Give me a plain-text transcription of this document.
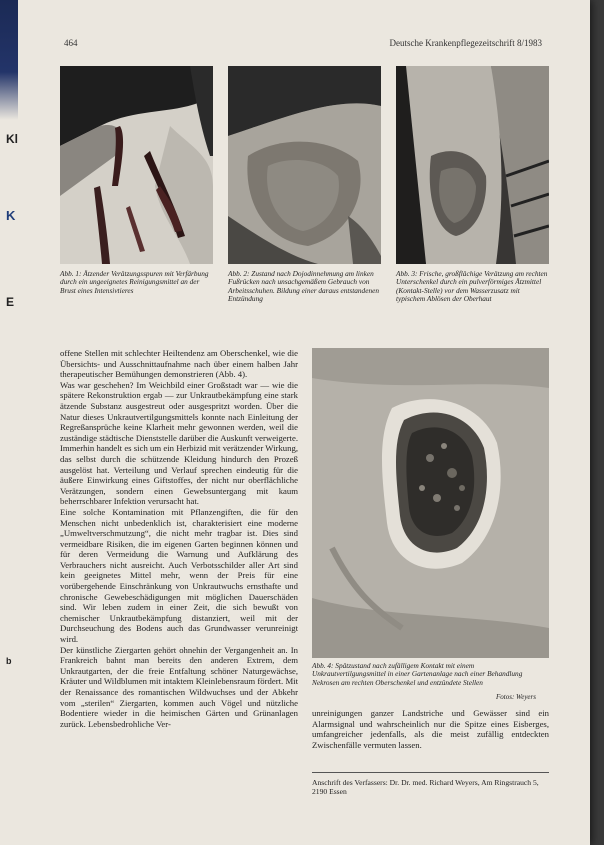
Kl
K
E
b
464	Deutsche Krankenpflegezeitschrift 8/1983
Abb. 1: Ätzender Verätzungsspuren mit Verfärbung durch ein ungeeignetes Reinigungsmittel an der Brust eines Intensivtieres
Abb. 2: Zustand nach Dojodinnehmung am linken Fußrücken nach unsachgemäßem Gebrauch von Arbeitsschuhen. Bildung einer daraus entstandenen Entzündung
Abb. 3: Frische, großflächige Verätzung am rechten Unterschenkel durch ein pulverförmiges Ätzmittel (Kontakt-Stelle) vor dem Wasserzusatz mit typischem Ablösen der Oberhaut
Abb. 4: Spätzustand nach zufälligem Kontakt mit einem Unkrautvertilgungsmittel in einer Gartenanlage nach einer Behandlung Nekrosen am rechten Oberschenkel und entzündete Stellen
Fotos: Weyers

offene Stellen mit schlechter Heiltendenz am Oberschenkel, wie die Übersichts- und Ausschnittaufnahme nach über einem halben Jahr therapeutischer Bemühungen demonstrieren (Abb. 4).

Was war geschehen? Im Weichbild einer Großstadt war — wie die spätere Rekonstruktion ergab — zur Unkrautbekämpfung eine stark ätzende Substanz ausgestreut oder ausgespritzt worden. Über die Natur dieses Unkrautvertilgungsmittels konnte nach Einleitung der Regreßansprüche keine Klarheit mehr gewonnen werden, weil die zuständige städtische Dienststelle darüber die Auskunft verweigerte. Immerhin handelt es sich um ein Herbizid mit verätzender Wirkung, das selbst durch die schützende Kleidung hindurch den Prozeß ausgelöst hat. Verteilung und Verlauf sprechen eindeutig für die äußere Einwirkung eines Giftstoffes, der nicht nur oberflächliche Verätzungen, sondern einen Gewebsuntergang mit kaum beherrschbarer Infektion verursacht hat.

Eine solche Kontamination mit Pflanzengiften, die für den Menschen nicht unbedenklich ist, charakterisiert eine moderne „Umweltverschmutzung“, die nicht mehr tragbar ist. Dies sind vermeidbare Risiken, die im eigenen Garten beginnen können und für deren Vermeidung die Warnung und Aufklärung des Verbrauchers nicht ausreicht. Auch Verbotsschilder aller Art sind kein geeignetes Mittel mehr, wenn der Preis für eine vorübergehende Einschränkung von Unkrautwuchs ernsthafte und chronische Gewebeschädigungen mit möglichen Dauerschäden sind. Wir leben zudem in einer Zeit, die sich bewußt von chemischer Unkrautbekämpfung distanziert, weil mit der Durchseuchung des Bodens auch das Grundwasser verunreinigt wird.

Der künstliche Ziergarten gehört ohnehin der Vergangenheit an. In Frankreich bahnt man bereits den anderen Extrem, dem Unkrautgarten, der die freie Entfaltung schöner Naturgewächse, Kräuter und Wildblumen mit intaktem Kleinlebensraum fördert. Mit der Renaissance des romantischen Wildwuchses und der Abkehr vom „sterilen“ Ziergarten, kommen auch Vögel und nützliche Bodentiere wieder in die heimischen Gärten und Grünanlagen zurück. Lebensbedrohliche Ver-

unreinigungen ganzer Landstriche und Gewässer sind ein Alarmsignal und wahrscheinlich nur die Spitze eines Eisberges, umfangreicher jedenfalls, als die meist zufällig entdeckten Zwischenfälle vermuten lassen.

Anschrift des Verfassers: Dr. Dr. med. Richard Weyers, Am Ringstrauch 5, 2190 Essen
